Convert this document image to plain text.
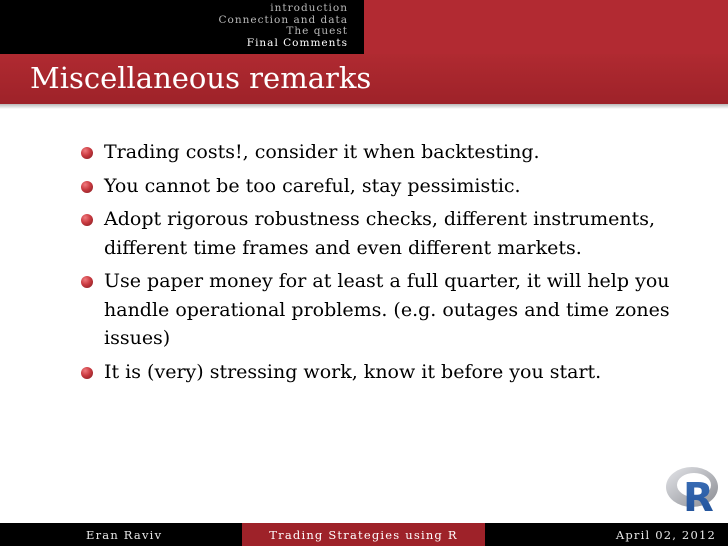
introduction
Connection and data
The quest
Final Comments
Miscellaneous remarks
Trading costs!, consider it when backtesting.
You cannot be too careful, stay pessimistic.
Adopt rigorous robustness checks, different instruments, different time frames and even different markets.
Use paper money for at least a full quarter, it will help you handle operational problems. (e.g. outages and time zones issues)
It is (very) stressing work, know it before you start.
R
Eran Raviv	Trading Strategies using R	April 02, 2012
